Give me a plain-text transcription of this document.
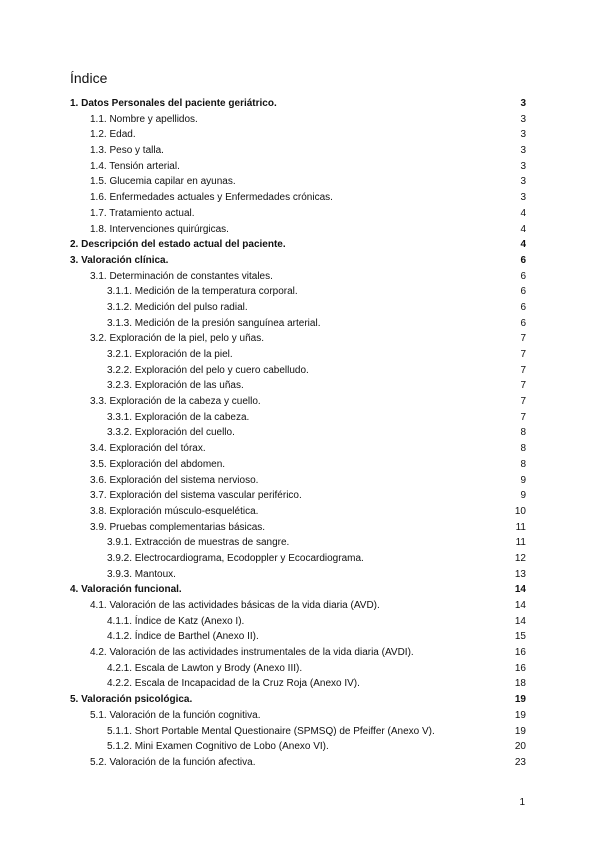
Índice
1. Datos Personales del paciente geriátrico.	3
1.1. Nombre y apellidos.	3
1.2. Edad.	3
1.3. Peso y talla.	3
1.4. Tensión arterial.	3
1.5. Glucemia capilar en ayunas.	3
1.6. Enfermedades actuales y Enfermedades crónicas.	3
1.7. Tratamiento actual.	4
1.8. Intervenciones quirúrgicas.	4
2. Descripción del estado actual del paciente.	4
3. Valoración clínica.	6
3.1. Determinación de constantes vitales.	6
3.1.1. Medición de la temperatura corporal.	6
3.1.2. Medición del pulso radial.	6
3.1.3. Medición de la presión sanguínea arterial.	6
3.2. Exploración de la piel, pelo y uñas.	7
3.2.1. Exploración de la piel.	7
3.2.2. Exploración del pelo y cuero cabelludo.	7
3.2.3. Exploración de las uñas.	7
3.3. Exploración de la cabeza y cuello.	7
3.3.1. Exploración de la cabeza.	7
3.3.2. Exploración del cuello.	8
3.4. Exploración del tórax.	8
3.5. Exploración del abdomen.	8
3.6. Exploración del sistema nervioso.	9
3.7. Exploración del sistema vascular periférico.	9
3.8. Exploración músculo-esquelética.	10
3.9. Pruebas complementarias básicas.	11
3.9.1. Extracción de muestras de sangre.	11
3.9.2. Electrocardiograma, Ecodoppler y Ecocardiograma.	12
3.9.3. Mantoux.	13
4. Valoración funcional.	14
4.1. Valoración de las actividades básicas de la vida diaria (AVD).	14
4.1.1. Índice de Katz (Anexo I).	14
4.1.2. Índice de Barthel (Anexo II).	15
4.2. Valoración de las actividades instrumentales de la vida diaria (AVDI).	16
4.2.1. Escala de Lawton y Brody (Anexo III).	16
4.2.2. Escala de Incapacidad de la Cruz Roja (Anexo IV).	18
5. Valoración psicológica.	19
5.1. Valoración de la función cognitiva.	19
5.1.1. Short Portable Mental Questionaire (SPMSQ) de Pfeiffer (Anexo V).	19
5.1.2. Mini Examen Cognitivo de Lobo (Anexo VI).	20
5.2. Valoración de la función afectiva.	23
1
